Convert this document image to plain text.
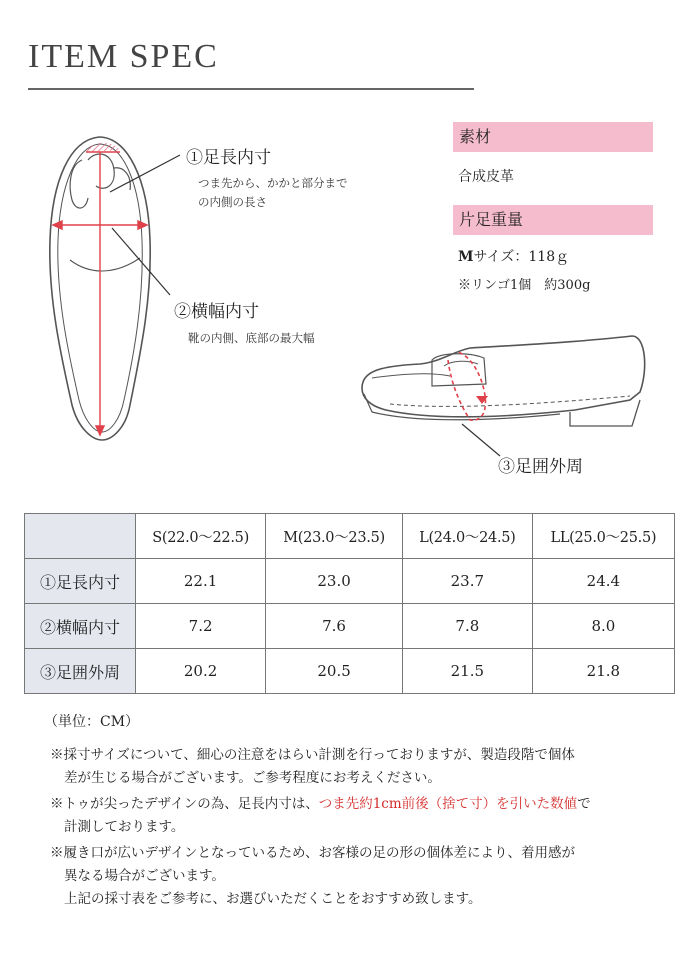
ITEM SPEC
①足長内寸
つま先から、かかと部分まで
の内側の長さ
②横幅内寸
靴の内側、底部の最大幅
③足囲外周
素材
合成皮革
片足重量
Mサイズ：118ｇ
※リンゴ1個　約300g
	S(22.0〜22.5)	M(23.0〜23.5)	L(24.0〜24.5)	LL(25.0〜25.5)
①足長内寸	22.1	23.0	23.7	24.4
②横幅内寸	7.2	7.6	7.8	8.0
③足囲外周	20.2	20.5	21.5	21.8
（単位：CM）
※採寸サイズについて、細心の注意をはらい計測を行っておりますが、製造段階で個体
差が生じる場合がございます。ご参考程度にお考えください。
※トゥが尖ったデザインの為、足長内寸は、つま先約1cm前後（捨て寸）を引いた数値で
計測しております。
※履き口が広いデザインとなっているため、お客様の足の形の個体差により、着用感が
異なる場合がございます。
上記の採寸表をご参考に、お選びいただくことをおすすめ致します。
